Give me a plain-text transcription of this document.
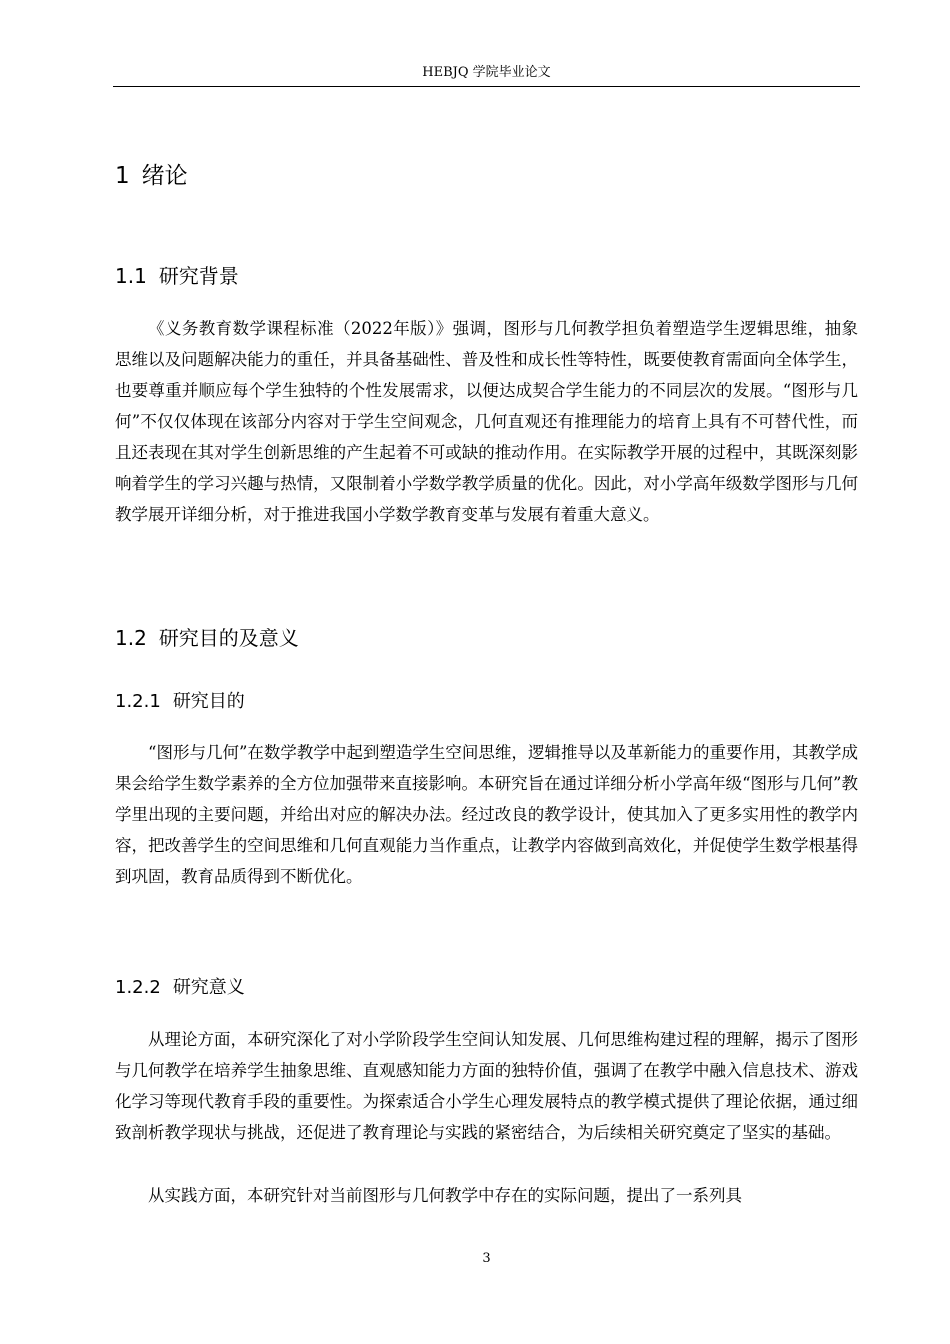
HEBJQ 学院毕业论文
1 绪论
1.1 研究背景

《义务教育数学课程标准（2022年版）》强调，图形与几何教学担负着塑造学生逻辑思维，抽象思维以及问题解决能力的重任，并具备基础性、普及性和成长性等特性，既要使教育需面向全体学生，也要尊重并顺应每个学生独特的个性发展需求，以便达成契合学生能力的不同层次的发展。“图形与几何”不仅仅体现在该部分内容对于学生空间观念，几何直观还有推理能力的培育上具有不可替代性，而且还表现在其对学生创新思维的产生起着不可或缺的推动作用。在实际教学开展的过程中，其既深刻影响着学生的学习兴趣与热情，又限制着小学数学教学质量的优化。因此，对小学高年级数学图形与几何教学展开详细分析，对于推进我国小学数学教育变革与发展有着重大意义。

1.2 研究目的及意义
1.2.1 研究目的

“图形与几何”在数学教学中起到塑造学生空间思维，逻辑推导以及革新能力的重要作用，其教学成果会给学生数学素养的全方位加强带来直接影响。本研究旨在通过详细分析小学高年级“图形与几何”教学里出现的主要问题，并给出对应的解决办法。经过改良的教学设计，使其加入了更多实用性的教学内容，把改善学生的空间思维和几何直观能力当作重点，让教学内容做到高效化，并促使学生数学根基得到巩固，教育品质得到不断优化。

1.2.2 研究意义

从理论方面，本研究深化了对小学阶段学生空间认知发展、几何思维构建过程的理解，揭示了图形与几何教学在培养学生抽象思维、直观感知能力方面的独特价值，强调了在教学中融入信息技术、游戏化学习等现代教育手段的重要性。为探索适合小学生心理发展特点的教学模式提供了理论依据，通过细致剖析教学现状与挑战，还促进了教育理论与实践的紧密结合，为后续相关研究奠定了坚实的基础。

从实践方面，本研究针对当前图形与几何教学中存在的实际问题，提出了一系列具

3
